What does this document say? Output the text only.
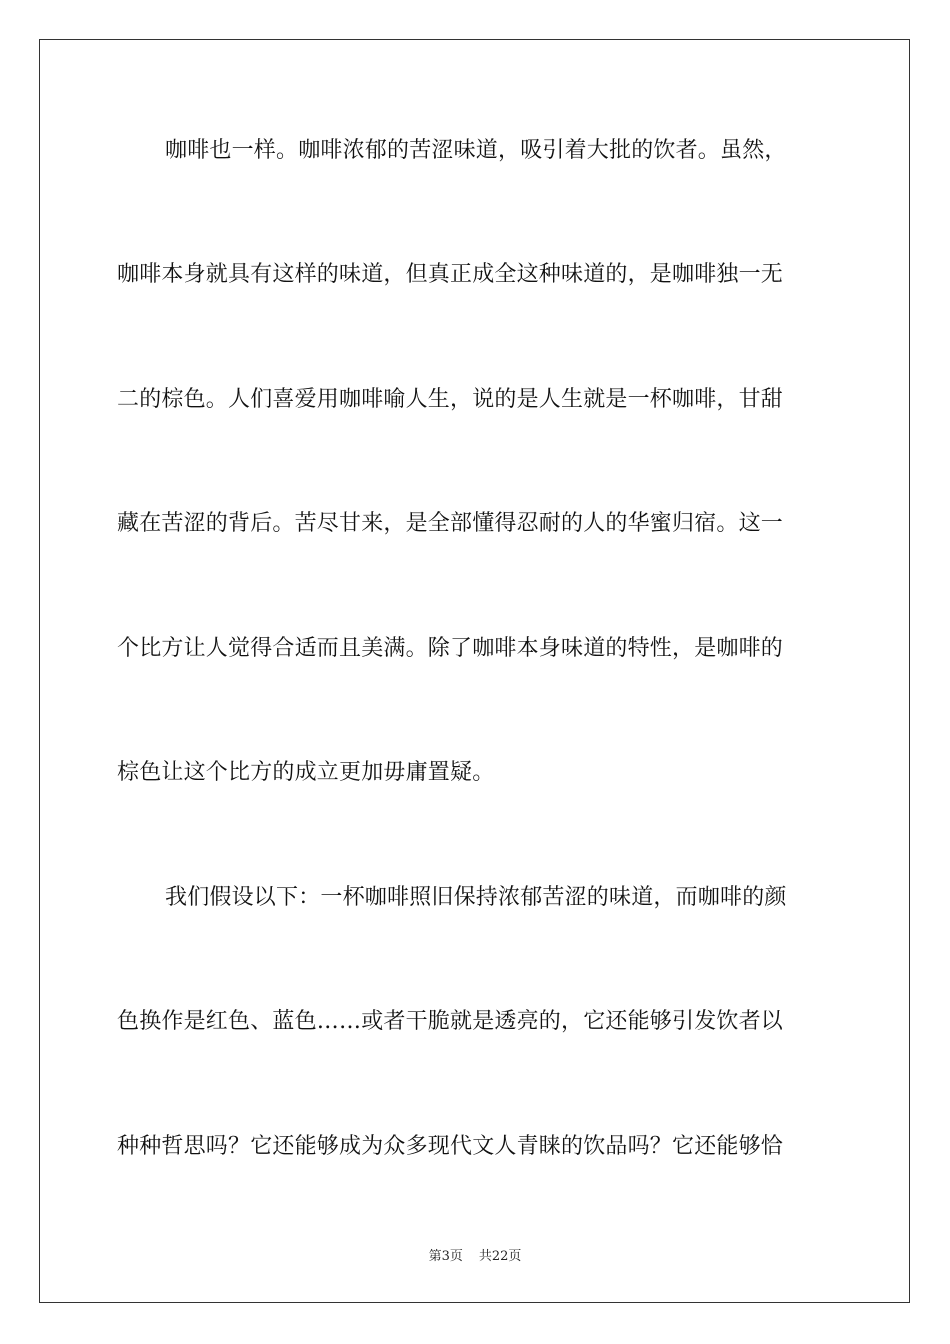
咖啡也一样。咖啡浓郁的苦涩味道，吸引着大批的饮者。虽然，
咖啡本身就具有这样的味道，但真正成全这种味道的，是咖啡独一无
二的棕色。人们喜爱用咖啡喻人生，说的是人生就是一杯咖啡，甘甜
藏在苦涩的背后。苦尽甘来，是全部懂得忍耐的人的华蜜归宿。这一
个比方让人觉得合适而且美满。除了咖啡本身味道的特性，是咖啡的
棕色让这个比方的成立更加毋庸置疑。
我们假设以下：一杯咖啡照旧保持浓郁苦涩的味道，而咖啡的颜
色换作是红色、蓝色……或者干脆就是透亮的，它还能够引发饮者以
种种哲思吗？它还能够成为众多现代文人青睐的饮品吗？它还能够恰
第3页 共22页
